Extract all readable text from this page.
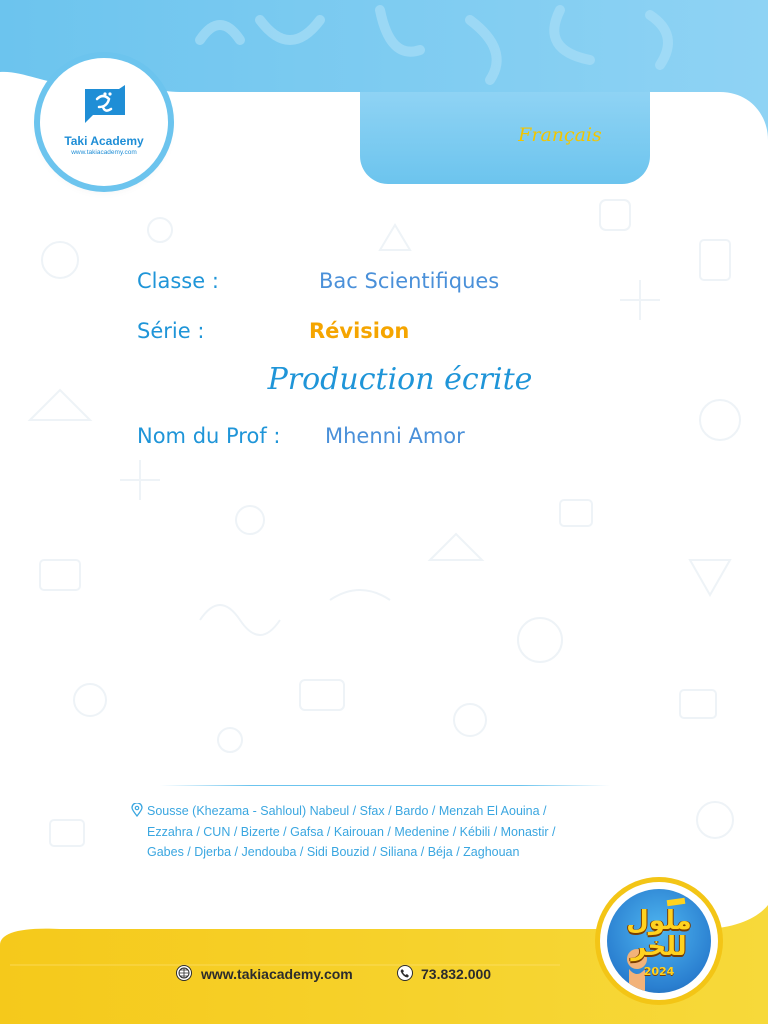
Français
Taki Academy
www.takiacademy.com
Classe :	Bac Scientifiques
Série :	Révision
Production écrite
Nom du Prof : Mhenni Amor
Sousse (Khezama - Sahloul) Nabeul / Sfax / Bardo / Menzah El Aouina /
Ezzahra / CUN / Bizerte / Gafsa / Kairouan / Medenine / Kébili / Monastir /
Gabes / Djerba / Jendouba / Sidi Bouzid / Siliana / Béja / Zaghouan
www.takiacademy.com	73.832.000
ملول للخر
2024
